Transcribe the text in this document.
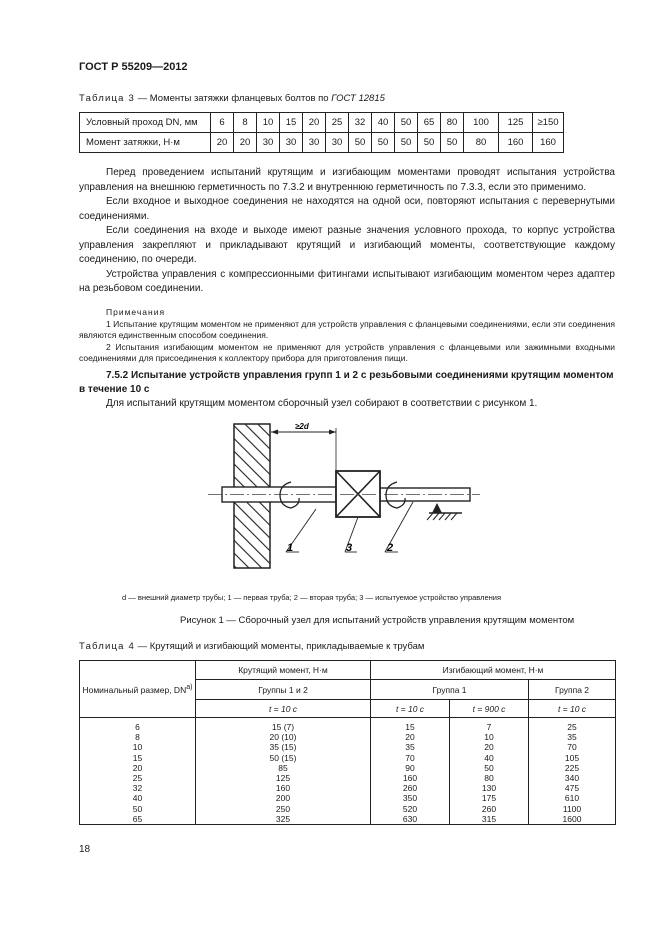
ГОСТ Р 55209—2012
Таблица 3 — Моменты затяжки фланцевых болтов по ГОСТ 12815
Условный проход DN, мм	6	8	10	15	20	25	32	40	50	65	80	100	125	≥150
Момент затяжки, Н·м	20	20	30	30	30	30	50	50	50	50	50	80	160	160

Перед проведением испытаний крутящим и изгибающим моментами проводят испытания устройства управления на внешнюю герметичность по 7.3.2 и внутреннюю герметичность по 7.3.3, если это применимо.

Если входное и выходное соединения не находятся на одной оси, повторяют испытания с перевернутыми соединениями.

Если соединения на входе и выходе имеют разные значения условного прохода, то корпус устройства управления закрепляют и прикладывают крутящий и изгибающий моменты, соответствующие каждому соединению, по очереди.

Устройства управления с компрессионными фитингами испытывают изгибающим моментом через адаптер на резьбовом соединении.

Примечания

1 Испытание крутящим моментом не применяют для устройств управления с фланцевыми соединениями, если эти соединения являются единственным способом соединения.

2 Испытания изгибающим моментом не применяют для устройств управления с фланцевыми или зажимными входными соединениями для присоединения к коллектору прибора для приготовления пищи.

7.5.2 Испытание устройств управления групп 1 и 2 с резьбовыми соединениями крутящим моментом в течение 10 с

Для испытаний крутящим моментом сборочный узел собирают в соответствии с рисунком 1.

≥2d
1	3	2
d — внешний диаметр трубы; 1 — первая труба; 2 — вторая труба; 3 — испытуемое устройство управления
Рисунок 1 — Сборочный узел для испытаний устройств управления крутящим моментом
Таблица 4 — Крутящий и изгибающий моменты, прикладываемые к трубам
Номинальный размер, DN$^{a)}$	Крутящий момент, Н·м	Изгибающий момент, Н·м		
	Группы 1 и 2	Группа 1		Группа 2
	t = 10 с	t = 10 с	t = 900 с	t = 10 с
6	15 (7)	15	7	25
8	20 (10)	20	10	35
10	35 (15)	35	20	70
15	50 (15)	70	40	105
20	85	90	50	225
25	125	160	80	340
32	160	260	130	475
40	200	350	175	610
50	250	520	260	1100
65	325	630	315	1600
18
